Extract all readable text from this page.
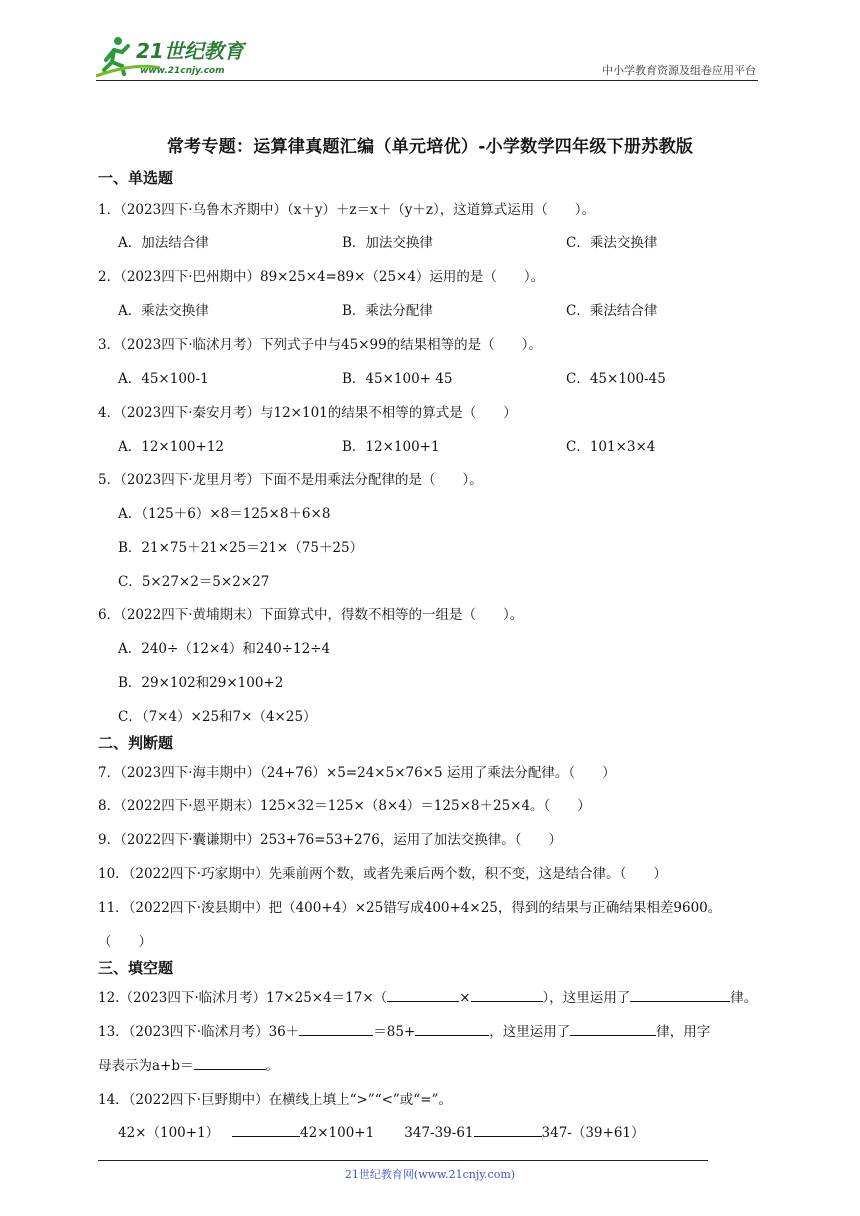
21世纪教育
www.21cnjy.com	中小学教育资源及组卷应用平台
常考专题：运算律真题汇编（单元培优）-小学数学四年级下册苏教版
一、单选题
1．（2023四下·乌鲁木齐期中）（x＋y）＋z＝x＋（y＋z），这道算式运用（　　）。
A．加法结合律	B．加法交换律	C．乘法交换律
2．（2023四下·巴州期中）89×25×4=89×（25×4）运用的是（　　）。
A．乘法交换律	B．乘法分配律	C．乘法结合律
3．（2023四下·临沭月考）下列式子中与45×99的结果相等的是（　　）。
A．45×100-1	B．45×100+ 45	C．45×100-45
4．（2023四下·秦安月考）与12×101的结果不相等的算式是（　　）
A．12×100+12	B．12×100+1	C．101×3×4
5．（2023四下·龙里月考）下面不是用乘法分配律的是（　　）。
A．（125＋6）×8＝125×8＋6×8
B．21×75＋21×25＝21×（75＋25）
C．5×27×2＝5×2×27
6．（2022四下·黄埔期末）下面算式中，得数不相等的一组是（　　）。
A．240÷（12×4）和240÷12÷4
B．29×102和29×100+2
C．（7×4）×25和7×（4×25）
二、判断题
7．（2023四下·海丰期中）（24+76）×5=24×5×76×5 运用了乘法分配律。（　　）
8．（2022四下·恩平期末）125×32＝125×（8×4）＝125×8＋25×4。（　　）
9．（2022四下·囊谦期中）253+76=53+276，运用了加法交换律。（　　）
10．（2022四下·巧家期中）先乘前两个数，或者先乘后两个数，积不变，这是结合律。（　　）
11．（2022四下·浚县期中）把（400+4）×25错写成400+4×25，得到的结果与正确结果相差9600。
（　　）
三、填空题
12.（2023四下·临沭月考）17×25×4＝17×（	×	），这里运用了	律。
13．（2023四下·临沭月考）36＋	＝85+	，这里运用了	律，用字
母表示为a+b＝	。
14．（2022四下·巨野期中）在横线上填上“>”“<”或“=”。
42×（100+1）	42×100+1 347-39-61	347-（39+61）
21世纪教育网(www.21cnjy.com)
